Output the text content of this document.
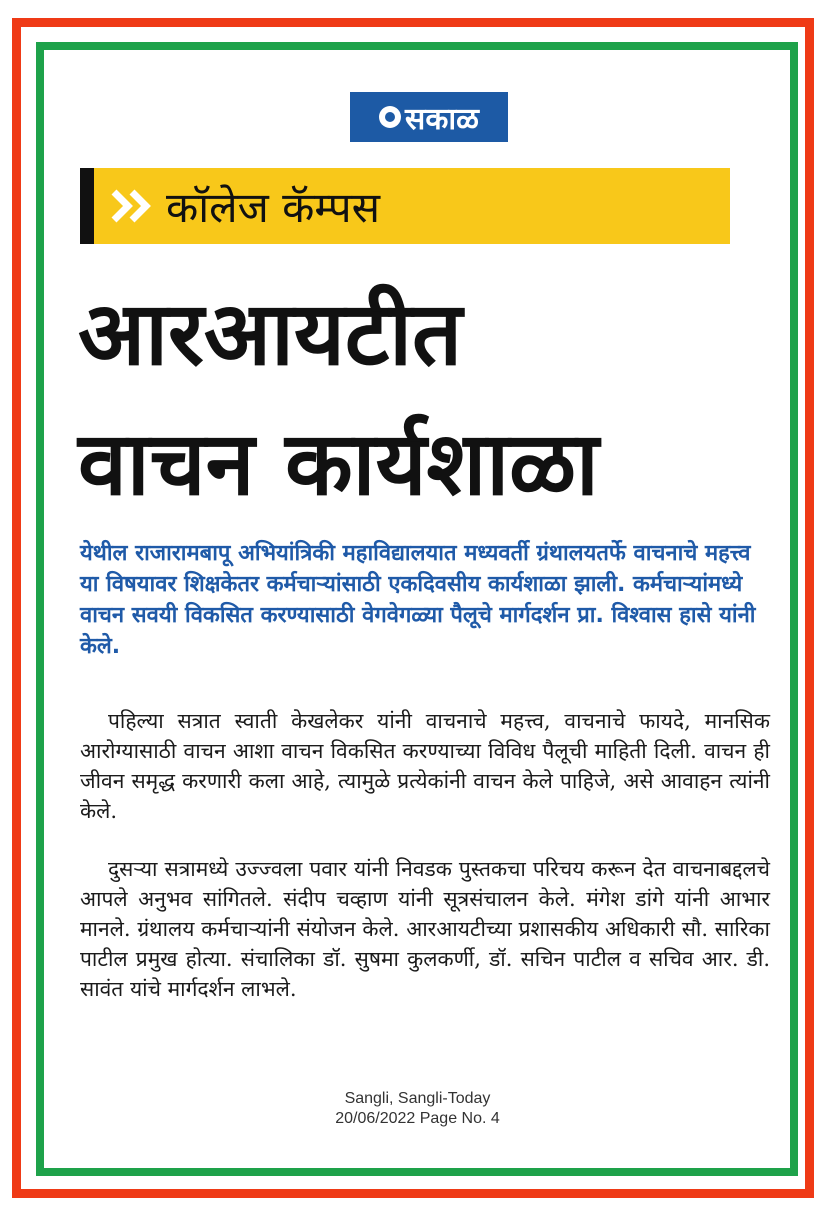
सकाळ
कॉलेज कॅम्पस
आरआयटीत
वाचन कार्यशाळा
येथील राजारामबापू अभियांत्रिकी महाविद्यालयात मध्यवर्ती ग्रंथालयतर्फे वाचनाचे महत्त्व या विषयावर शिक्षकेतर कर्मचाऱ्यांसाठी एकदिवसीय कार्यशाळा झाली. कर्मचाऱ्यांमध्ये वाचन सवयी विकसित करण्यासाठी वेगवेगळ्या पैलूचे मार्गदर्शन प्रा. विश्वास हासे यांनी केले.
पहिल्या सत्रात स्वाती केखलेकर यांनी वाचनाचे महत्त्व, वाचनाचे फायदे, मानसिक आरोग्यासाठी वाचन आशा वाचन विकसित करण्याच्या विविध पैलूची माहिती दिली. वाचन ही जीवन समृद्ध करणारी कला आहे, त्यामुळे प्रत्येकांनी वाचन केले पाहिजे, असे आवाहन त्यांनी केले.
दुसऱ्या सत्रामध्ये उज्ज्वला पवार यांनी निवडक पुस्तकचा परिचय करून देत वाचनाबद्दलचे आपले अनुभव सांगितले. संदीप चव्हाण यांनी सूत्रसंचालन केले. मंगेश डांगे यांनी आभार मानले. ग्रंथालय कर्मचाऱ्यांनी संयोजन केले. आरआयटीच्या प्रशासकीय अधिकारी सौ. सारिका पाटील प्रमुख होत्या. संचालिका डॉ. सुषमा कुलकर्णी, डॉ. सचिन पाटील व सचिव आर. डी. सावंत यांचे मार्गदर्शन लाभले.
Sangli, Sangli-Today
20/06/2022 Page No. 4
